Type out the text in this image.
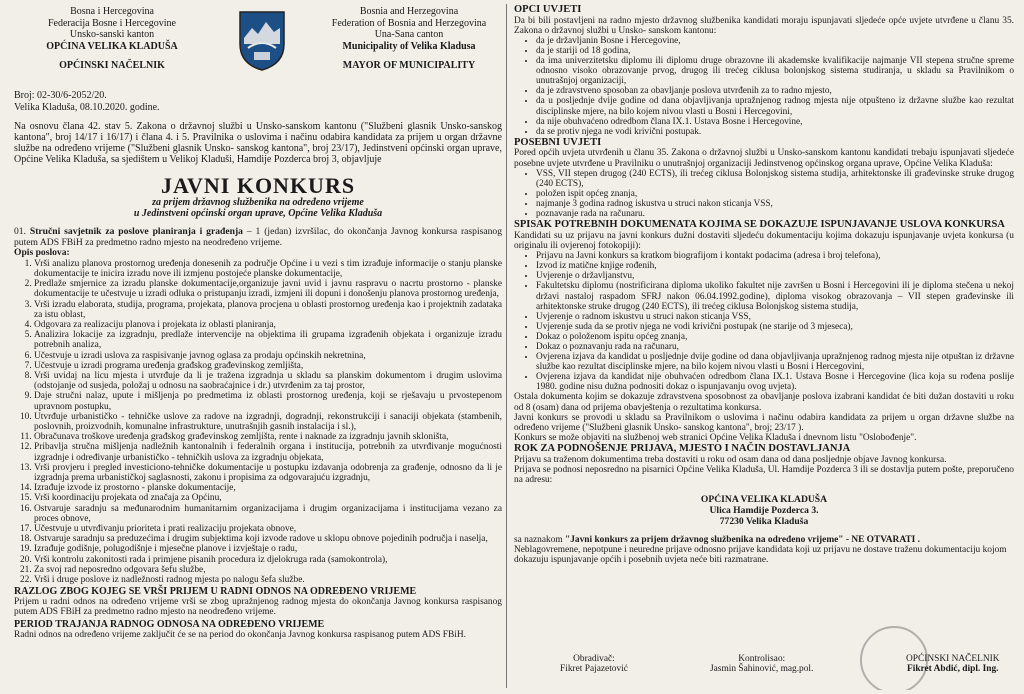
Bosna i Hercegovina
Federacija Bosne i Hercegovine
Unsko-sanski kanton
OPĆINA VELIKA KLADUŠA
OPĆINSKI NAČELNIK
Bosnia and Herzegovina
Federation of Bosnia and Herzegovina
Una-Sana canton
Municipality of Velika Kladusa
MAYOR OF MUNICIPALITY
Broj: 02-30/6-2052/20.
Velika Kladuša, 08.10.2020. godine.
Na osnovu člana 42. stav 5. Zakona o državnoj službi u Unsko-sanskom kantonu ("Službeni glasnik Unsko-sanskog kantona", broj 14/17 i 16/17) i člana 4. i 5. Pravilnika o uslovima i načinu odabira kandidata za prijem u organ državne službe na određeno vrijeme ("Službeni glasnik Unsko- sanskog kantona", broj 23/17), Jedinstveni općinski organ uprave, Općine Velika Kladuša, sa sjedištem u Velikoj Kladuši, Hamdije Pozderca broj 3, objavljuje
JAVNI KONKURS
za prijem državnog službenika na određeno vrijeme
u Jedinstveni općinski organ uprave, Općine Velika Kladuša
01. Stručni savjetnik za poslove planiranja i građenja – 1 (jedan) izvršilac, do okončanja Javnog konkursa raspisanog putem ADS FBiH za predmetno radno mjesto na neodređeno vrijeme.
Opis poslova:
1. Vrši analizu planova prostornog uređenja donesenih za područje Općine i u vezi s tim izrađuje informacije o stanju planske dokumentacije te inicira izradu nove ili izmjenu postojeće planske dokumentacije,
2. Predlaže smjernice za izradu planske dokumentacije,organizuje javni uvid i javnu raspravu o nacrtu prostorno - planske dokumentacije te učestvuje u izradi odluka o pristupanju izradi, izmjeni ili dopuni i donošenju planova prostornog uređenja,
3. Vrši izradu elaborata, studija, programa, projekata, planova procjena u oblasti prostornog uređenja kao i projektnih zadataka za istu oblast,
4. Odgovara za realizaciju planova i projekata iz oblasti planiranja,
5. Analizira lokacije za izgradnju, predlaže intervencije na objektima ili grupama izgrađenih objekata i organizuje izradu potrebnih analiza,
6. Učestvuje u izradi uslova za raspisivanje javnog oglasa za prodaju općinskih nekretnina,
7. Učestvuje u izradi programa uređenja građskog građevinskog zemljišta,
8. Vrši uvidaj na licu mjesta i utvrđuje da li je tražena izgradnja u skladu sa planskim dokumentom i drugim uslovima (odstojanje od susjeda, položaj u odnosu na saobraćajnice i dr.) utvrđenim za taj prostor,
9. Daje stručni nalaz, upute i mišljenja po predmetima iz oblasti prostornog uređenja, koji se rješavaju u prvostepenom upravnom postupku,
10. Utvrđuje urbanističko - tehničke uslove za radove na izgradnji, dogradnji, rekonstrukciji i sanaciji objekata (stambenih, poslovnih, proizvodnih, komunalne infrastrukture, unutrašnjih gasnih instalacija i sl.),
11. Obračunava troškove uređenja građskog građevinskog zemljišta, rente i naknade za izgradnju javnih skloništa,
12. Pribavlja stručna mišljenja nadležnih kantonalnih i federalnih organa i institucija, potrebnih za utvrđivanje mogućnosti izgradnje i određivanje urbanističko - tehničkih uslova za izgradnju objekata,
13. Vrši provjeru i pregled investiciono-tehničke dokumentacije u postupku izdavanja odobrenja za građenje, odnosno da li je izgradnja prema urbanističkoj saglasnosti, zakonu i propisima za odgovarajuću izgradnju,
14. Izrađuje izvode iz prostorno - planske dokumentacije,
15. Vrši koordinaciju projekata od značaja za Općinu,
16. Ostvaruje saradnju sa međunarodnim humanitarnim organizacijama i drugim organizacijama i institucijama vezano za proces obnove,
17. Učestvuje u utvrđivanju prioriteta i prati realizaciju projekata obnove,
18. Ostvaruje saradnju sa preduzećima i drugim subjektima koji izvode radove u sklopu obnove pojedinih područja i naselja,
19. Izrađuje godišnje, polugodišnje i mjesečne planove i izvještaje o radu,
20. Vrši kontrolu zakonitosti rada i primjene pisanih procedura iz djelokruga rada (samokontrola),
21. Za svoj rad neposredno odgovara šefu službe,
22. Vrši i druge poslove iz nadležnosti radnog mjesta po nalogu šefa službe.
RAZLOG ZBOG KOJEG SE VRŠI PRIJEM U RADNI ODNOS NA ODREĐENO VRIJEME
Prijem u radni odnos na određeno vrijeme vrši se zbog upražnjenog radnog mjesta do okončanja Javnog konkursa raspisanog putem ADS FBiH za predmetno radno mjesto na neodređeno vrijeme.
PERIOD TRAJANJA RADNOG ODNOSA NA ODREĐENO VRIJEME
Radni odnos na određeno vrijeme zaključit će se na period do okončanja Javnog konkursa raspisanog putem ADS FBiH.
OPĆI UVJETI
Da bi bili postavljeni na radno mjesto državnog službenika kandidati moraju ispunjavati sljedeće opće uvjete utvrđene u članu 35. Zakona o državnoj službi u Unsko- sanskom kantonu:
• da je državljanin Bosne i Hercegovine,
• da je stariji od 18 godina,
• da ima univerzitetsku diplomu ili diplomu druge obrazovne ili akademske kvalifikacije najmanje VII stepena stručne spreme odnosno visoko obrazovanje prvog, drugog ili trećeg ciklusa bolonjskog sistema studiranja, u skladu sa Pravilnikom o unutrašnjoj organizaciji,
• da je zdravstveno sposoban za obavljanje poslova utvrđenih za to radno mjesto,
• da u posljednje dvije godine od dana objavljivanja upražnjenog radnog mjesta nije otpušteno iz državne službe kao rezultat disciplinske mjere, na bilo kojem nivou vlasti u Bosni i Hercegovini,
• da nije obuhvaćeno odredbom člana IX.1. Ustava Bosne i Hercegovine,
• da se protiv njega ne vodi krivični postupak.
POSEBNI UVJETI
Pored općih uvjeta utvrđenih u članu 35. Zakona o državnoj službi u Unsko-sanskom kantonu kandidati trebaju ispunjavati sljedeće posebne uvjete utvrđene u Pravilniku o unutrašnjoj organizaciji Jedinstvenog općinskog organa uprave, Općine Velika Kladuša:
• VSS, VII stepen drugog (240 ECTS), ili trećeg ciklusa Bolonjskog sistema studija, arhitektonske ili građevinske struke drugog (240 ECTS),
• položen ispit općeg znanja,
• najmanje 3 godina radnog iskustva u struci nakon sticanja VSS,
• poznavanje rada na računaru.
SPISAK POTREBNIH DOKUMENATA KOJIMA SE DOKAZUJE ISPUNJAVANJE USLOVA KONKURSA
Kandidati su uz prijavu na javni konkurs dužni dostaviti sljedeću dokumentaciju kojima dokazuju ispunjavanje uvjeta konkursa (u originalu ili ovjerenoj fotokopiji):
• Prijavu na Javni konkurs sa kratkom biografijom i kontakt podacima (adresa i broj telefona),
• Izvod iz matične knjige rođenih,
• Uvjerenje o državljanstvu,
• Fakultetsku diplomu (nostrificirana diploma ukoliko fakultet nije završen u Bosni i Hercegovini ili je diploma stečena u nekoj državi nastaloj raspadom SFRJ nakon 06.04.1992.godine), diploma visokog obrazovanja – VII stepen građevinske ili arhitektonske struke drugog (240 ECTS), ili trećeg ciklusa Bolonjskog sistema studija,
• Uvjerenje o radnom iskustvu u struci nakon sticanja VSS,
• Uvjerenje suda da se protiv njega ne vodi krivični postupak (ne starije od 3 mjeseca),
• Dokaz o položenom ispitu općeg znanja,
• Dokaz o poznavanju rada na računaru,
• Ovjerena izjava da kandidat u posljednje dvije godine od dana objavljivanja upražnjenog radnog mjesta nije otpuštan iz državne službe kao rezultat disciplinske mjere, na bilo kojem nivou vlasti u Bosni i Hercegovini,
• Ovjerena izjava da kandidat nije obuhvaćen odredbom člana IX.1. Ustava Bosne i Hercegovine (lica koja su rođena poslije 1980. godine nisu dužna podnositi dokaz o ispunjavanju ovog uvjeta).
Ostala dokumenta kojim se dokazuje zdravstvena sposobnost za obavljanje poslova izabrani kandidat će biti dužan dostaviti u roku od 8 (osam) dana od prijema obavještenja o rezultatima konkursa.
Javni konkurs se provodi u skladu sa Pravilnikom o uslovima i načinu odabira kandidata za prijem u organ državne službe na određeno vrijeme ("Službeni glasnik Unsko- sanskog kantona", broj; 23/17 ).
Konkurs se može objaviti na službenoj web stranici Općine Velika Kladuša i dnevnom listu "Oslobođenje".
ROK ZA PODNOŠENJE PRIJAVA, MJESTO I NAČIN DOSTAVLJANJA
Prijavu sa traženom dokumentima treba dostaviti u roku od osam dana od dana posljednje objave Javnog konkursa.
Prijava se podnosi neposredno na pisarnici Općine Velika Kladuša, Ul. Hamdije Pozderca 3 ili se dostavlja putem pošte, preporučeno na adresu:
OPĆINA VELIKA KLADUŠA
Ulica Hamdije Pozderca 3.
77230 Velika Kladuša
sa naznakom "Javni konkurs za prijem državnog službenika na određeno vrijeme" - NE OTVARATI .
Neblagovremene, nepotpune i neuredne prijave odnosno prijave kandidata koji uz prijavu ne dostave traženu dokumentaciju kojom dokazuju ispunjavanje općih i posebnih uvjeta neće biti razmatrane.
Obradivač:
Fikret Pajazetović
Kontrolisao:
Jasmin Šahinović, mag.pol.
OPĆINSKI NAČELNIK
Fikret Abdić, dipl. Ing.
